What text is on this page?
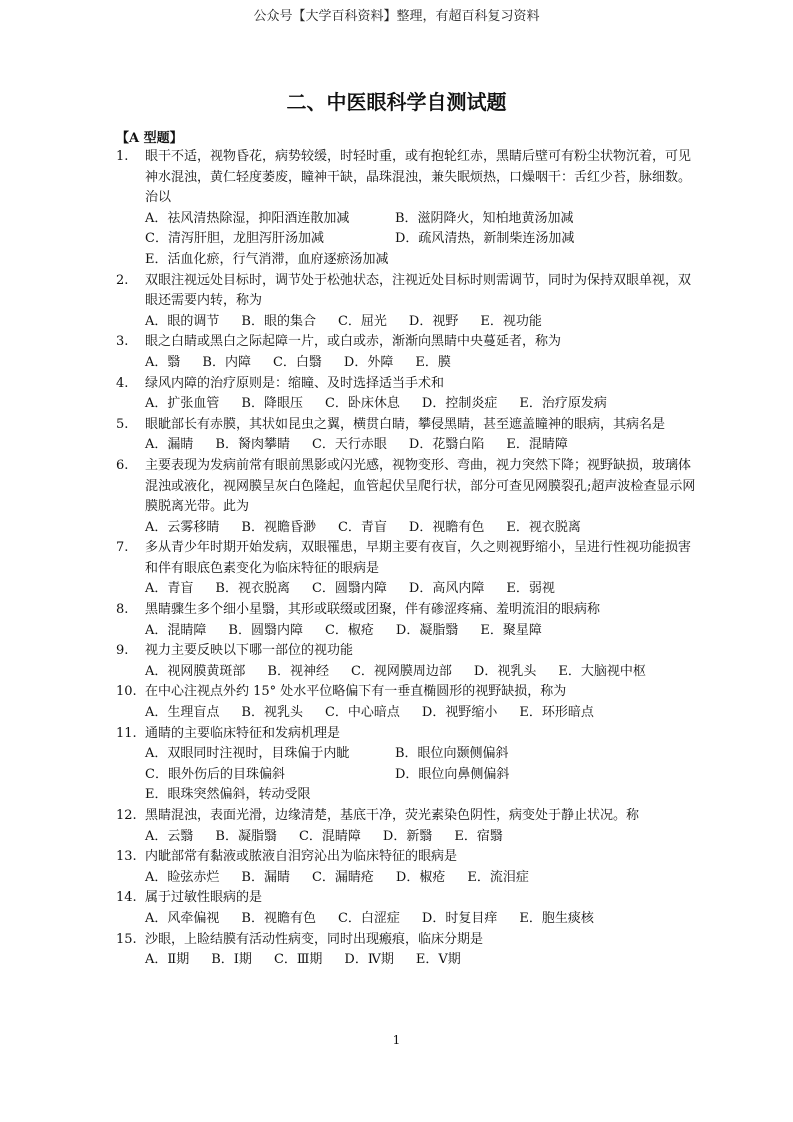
公众号【大学百科资料】整理，有超百科复习资料
二、中医眼科学自测试题
【A 型题】
1.	眼干不适，视物昏花，病势较缓，时轻时重，或有抱轮红赤，黑睛后壁可有粉尘状物沉着，可见神水混浊，黄仁轻度萎废，瞳神干缺，晶珠混浊，兼失眠烦热，口燥咽干：舌红少苔，脉细数。治以
A．祛风清热除湿，抑阳酒连散加减	B．滋阴降火，知柏地黄汤加减
C．清泻肝胆，龙胆泻肝汤加减	D．疏风清热，新制柴连汤加减
E．活血化瘀，行气消滞，血府逐瘀汤加减
2.	双眼注视远处目标时，调节处于松弛状态，注视近处目标时则需调节，同时为保持双眼单视，双眼还需要内转，称为
A．眼的调节 B．眼的集合 C．屈光 D．视野 E．视功能
3.	眼之白睛或黑白之际起障一片，或白或赤，渐渐向黑睛中央蔓延者，称为
A．翳 B．内障 C．白翳 D．外障 E．膜
4.	绿风内障的治疗原则是：缩瞳、及时选择适当手术和
A．扩张血管 B．降眼压 C．卧床休息 D．控制炎症 E．治疗原发病
5.	眼眦部长有赤膜，其状如昆虫之翼，横贯白睛，攀侵黑睛，甚至遮盖瞳神的眼病，其病名是
A．漏睛 B．胬肉攀睛 C．天行赤眼 D．花翳白陷 E．混睛障
6.	主要表现为发病前常有眼前黑影或闪光感，视物变形、弯曲，视力突然下降；视野缺损，玻璃体混浊或液化，视网膜呈灰白色隆起，血管起伏呈爬行状，部分可查见网膜裂孔;超声波检查显示网膜脱离光带。此为
A．云雾移睛 B．视瞻昏渺 C．青盲 D．视瞻有色 E．视衣脱离
7.	多从青少年时期开始发病，双眼罹患，早期主要有夜盲，久之则视野缩小，呈进行性视功能损害和伴有眼底色素变化为临床特征的眼病是
A．青盲 B．视衣脱离 C．圆翳内障 D．高风内障 E．弱视
8.	黑睛骤生多个细小星翳，其形或联缀或团聚，伴有碜涩疼痛、羞明流泪的眼病称
A．混睛障 B．圆翳内障 C．椒疮 D．凝脂翳 E．聚星障
9.	视力主要反映以下哪一部位的视功能
A．视网膜黄斑部 B．视神经 C．视网膜周边部 D．视乳头 E．大脑视中枢
10. 在中心注视点外约 15° 处水平位略偏下有一垂直椭圆形的视野缺损，称为
A．生理盲点 B．视乳头 C．中心暗点 D．视野缩小 E．环形暗点
11. 通睛的主要临床特征和发病机理是
A．双眼同时注视时，目珠偏于内眦	B．眼位向颞侧偏斜
C．眼外伤后的目珠偏斜	D．眼位向鼻侧偏斜
E．眼珠突然偏斜，转动受限
12. 黑睛混浊，表面光滑，边缘清楚，基底干净，荧光素染色阴性，病变处于静止状况。称
A．云翳 B．凝脂翳 C．混睛障 D．新翳 E．宿翳
13. 内眦部常有黏液或脓液自泪窍沁出为临床特征的眼病是
A．睑弦赤烂 B．漏睛 C．漏睛疮 D．椒疮 E．流泪症
14. 属于过敏性眼病的是
A．风牵偏视 B．视瞻有色 C．白涩症 D．时复目痒 E．胞生痰核
15. 沙眼，上睑结膜有活动性病变，同时出现瘢痕，临床分期是
A．Ⅱ期 B．Ⅰ期 C．Ⅲ期 D．Ⅳ期 E．Ⅴ期
1
